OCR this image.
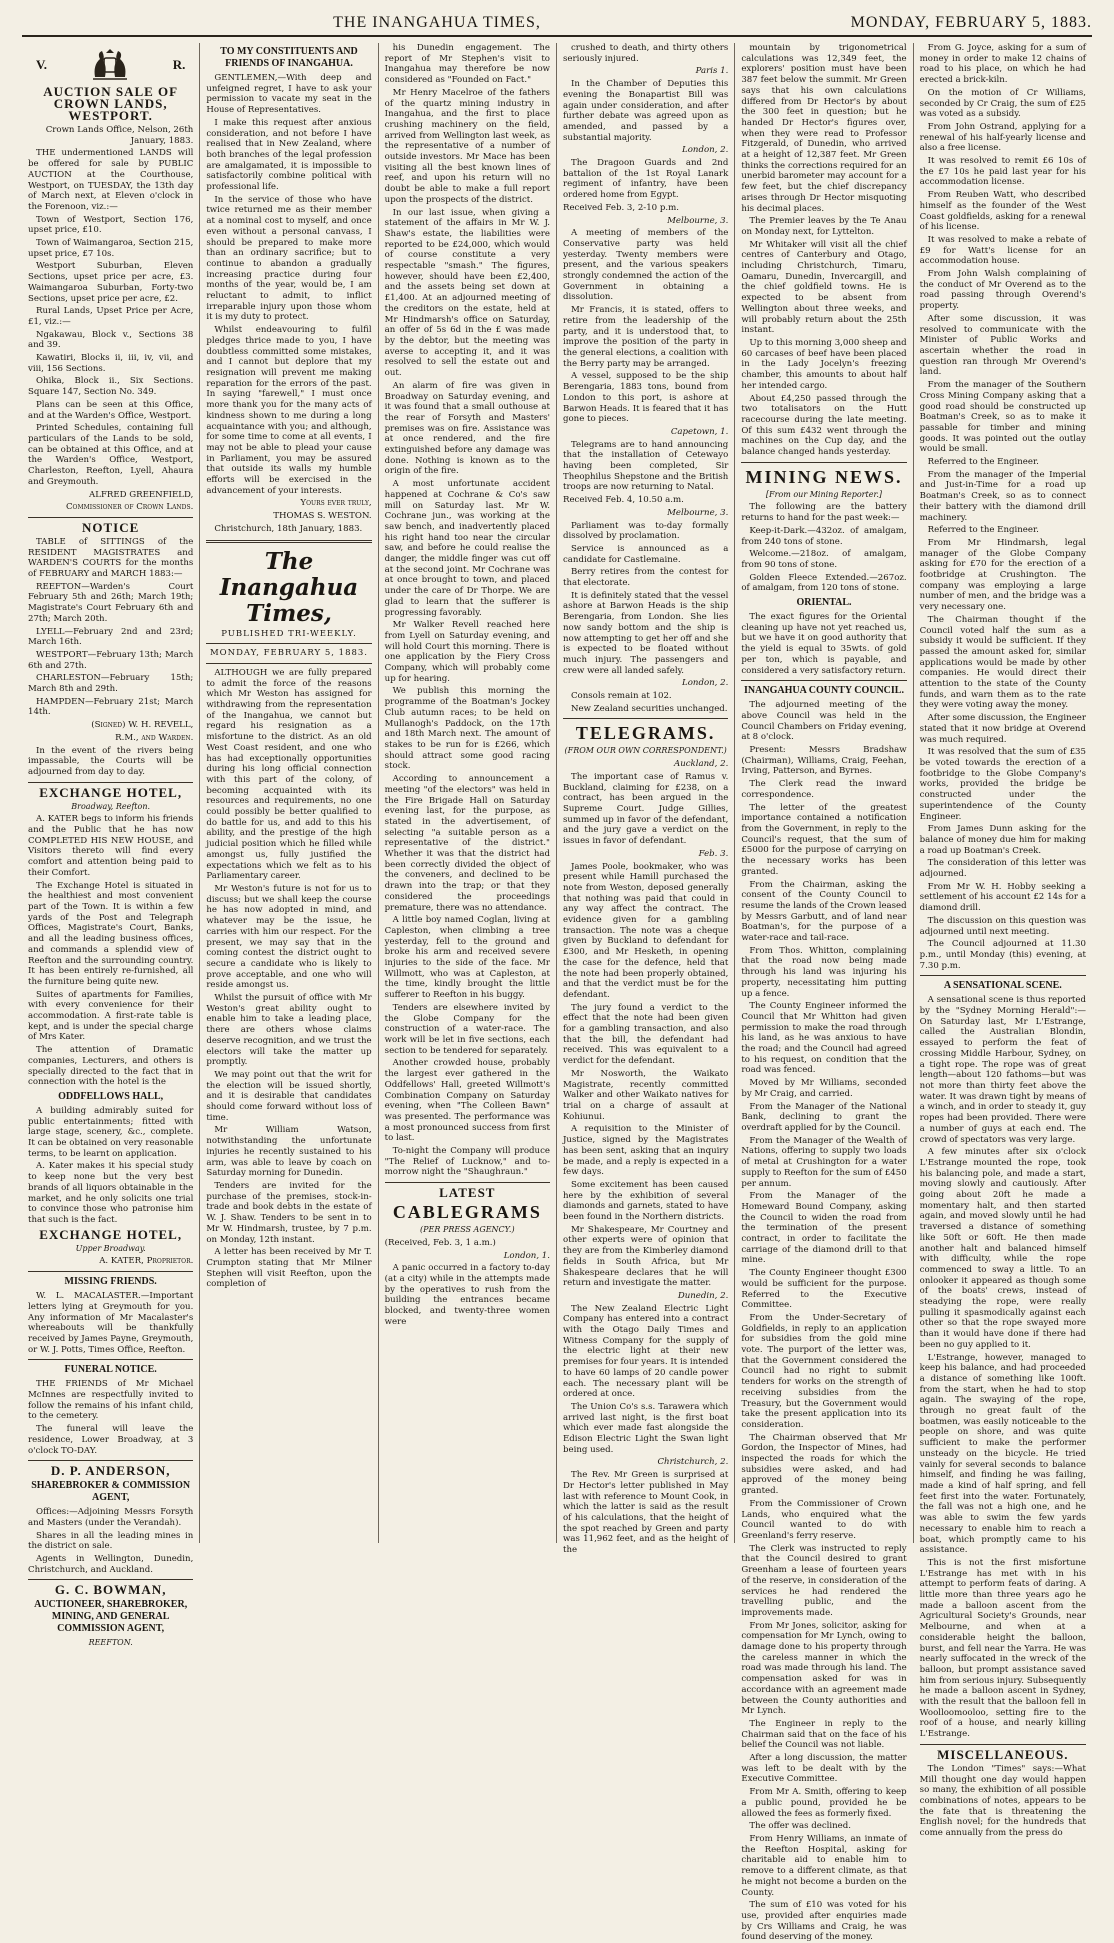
THE INANGAHUA TIMES,	MONDAY, FEBRUARY 5, 1883.
V.	R.
AUCTION SALE OF CROWN LANDS, WESTPORT.

Crown Lands Office, Nelson, 26th January, 1883.

THE undermentioned LANDS will be offered for sale by PUBLIC AUCTION at the Courthouse, Westport, on TUESDAY, the 13th day of March next, at Eleven o'clock in the Forenoon, viz.:—

Town of Westport, Section 176, upset price, £10.

Town of Waimangaroa, Section 215, upset price, £7 10s.

Westport Suburban, Eleven Sections, upset price per acre, £3. Waimangaroa Suburban, Forty-two Sections, upset price per acre, £2.

Rural Lands, Upset Price per Acre, £1, viz.:—

Ngakawau, Block v., Sections 38 and 39.

Kawatiri, Blocks ii, iii, iv, vii, and viii, 156 Sections.

Ohika, Block ii., Six Sections. Square 147, Section No. 349.

Plans can be seen at this Office, and at the Warden's Office, Westport.

Printed Schedules, containing full particulars of the Lands to be sold, can be obtained at this Office, and at the Warden's Office, Westport, Charleston, Reefton, Lyell, Ahaura and Greymouth.

ALFRED GREENFIELD,

Commissioner of Crown Lands.

NOTICE

TABLE of SITTINGS of the RESIDENT MAGISTRATES and WARDEN'S COURTS for the months of FEBRUARY and MARCH 1883:—

REEFTON—Warden's Court February 5th and 26th; March 19th; Magistrate's Court February 6th and 27th; March 20th.

LYELL—February 2nd and 23rd; March 16th.

WESTPORT—February 13th; March 6th and 27th.

CHARLESTON—February 15th; March 8th and 29th.

HAMPDEN—February 21st; March 14th.

(Signed) W. H. REVELL,

R.M., and Warden.

In the event of the rivers being impassable, the Courts will be adjourned from day to day.

EXCHANGE HOTEL,
Broadway, Reefton.

A. KATER begs to inform his friends and the Public that he has now COMPLETED HIS NEW HOUSE, and Visitors thereto will find every comfort and attention being paid to their Comfort.

The Exchange Hotel is situated in the healthiest and most convenient part of the Town. It is within a few yards of the Post and Telegraph Offices, Magistrate's Court, Banks, and all the leading business offices, and commands a splendid view of Reefton and the surrounding country. It has been entirely re-furnished, all the furniture being quite new.

Suites of apartments for Families, with every convenience for their accommodation. A first-rate table is kept, and is under the special charge of Mrs Kater.

The attention of Dramatic companies, Lecturers, and others is specially directed to the fact that in connection with the hotel is the

ODDFELLOWS HALL,

A building admirably suited for public entertainments; fitted with large stage, scenery, &c., complete. It can be obtained on very reasonable terms, to be learnt on application.

A. Kater makes it his special study to keep none but the very best brands of all liquors obtainable in the market, and he only solicits one trial to convince those who patronise him that such is the fact.

EXCHANGE HOTEL,
Upper Broadway.

A. KATER, Proprietor.

MISSING FRIENDS.

W. L. MACALASTER.—Important letters lying at Greymouth for you. Any information of Mr Macalaster's whereabouts will be thankfully received by James Payne, Greymouth, or W. J. Potts, Times Office, Reefton.

FUNERAL NOTICE.

THE FRIENDS of Mr Michael McInnes are respectfully invited to follow the remains of his infant child, to the cemetery.

The funeral will leave the residence, Lower Broadway, at 3 o'clock TO-DAY.

D. P. ANDERSON,
SHAREBROKER & COMMISSION AGENT,

Offices:—Adjoining Messrs Forsyth and Masters (under the Verandah).

Shares in all the leading mines in the district on sale.

Agents in Wellington, Dunedin, Christchurch, and Auckland.

G. C. BOWMAN,
AUCTIONEER, SHAREBROKER, MINING, AND GENERAL COMMISSION AGENT,
REEFTON.
TO MY CONSTITUENTS AND FRIENDS OF INANGAHUA.

GENTLEMEN,—With deep and unfeigned regret, I have to ask your permission to vacate my seat in the House of Representatives.

I make this request after anxious consideration, and not before I have realised that in New Zealand, where both branches of the legal profession are amalgamated, it is impossible to satisfactorily combine political with professional life.

In the service of those who have twice returned me as their member at a nominal cost to myself, and once even without a personal canvass, I should be prepared to make more than an ordinary sacrifice; but to continue to abandon a gradually increasing practice during four months of the year, would be, I am reluctant to admit, to inflict irreparable injury upon those whom it is my duty to protect.

Whilst endeavouring to fulfil pledges thrice made to you, I have doubtless committed some mistakes, and I cannot but deplore that my resignation will prevent me making reparation for the errors of the past. In saying "farewell," I must once more thank you for the many acts of kindness shown to me during a long acquaintance with you; and although, for some time to come at all events, I may not be able to plead your cause in Parliament, you may be assured that outside its walls my humble efforts will be exercised in the advancement of your interests.

Yours ever truly,

THOMAS S. WESTON.

Christchurch, 18th January, 1883.

The Inangahua Times,
PUBLISHED TRI-WEEKLY.
MONDAY, FEBRUARY 5, 1883.

ALTHOUGH we are fully prepared to admit the force of the reasons which Mr Weston has assigned for withdrawing from the representation of the Inangahua, we cannot but regard his resignation as a misfortune to the district. As an old West Coast resident, and one who has had exceptionally opportunities during his long official connection with this part of the colony, of becoming acquainted with its resources and requirements, no one could possibly be better qualified to do battle for us, and add to this his ability, and the prestige of the high judicial position which he filled while amongst us, fully justified the expectations which we felt as to his Parliamentary career.

Mr Weston's future is not for us to discuss; but we shall keep the course he has now adopted in mind, and whatever may be the issue, he carries with him our respect. For the present, we may say that in the coming contest the district ought to secure a candidate who is likely to prove acceptable, and one who will reside amongst us.

Whilst the pursuit of office with Mr Weston's great ability ought to enable him to take a leading place, there are others whose claims deserve recognition, and we trust the electors will take the matter up promptly.

We may point out that the writ for the election will be issued shortly, and it is desirable that candidates should come forward without loss of time.

Mr William Watson, notwithstanding the unfortunate injuries he recently sustained to his arm, was able to leave by coach on Saturday morning for Dunedin.

Tenders are invited for the purchase of the premises, stock-in-trade and book debts in the estate of W. J. Shaw. Tenders to be sent in to Mr W. Hindmarsh, trustee, by 7 p.m. on Monday, 12th instant.

A letter has been received by Mr T. Crumpton stating that Mr Milner Stephen will visit Reefton, upon the completion of

his Dunedin engagement. The report of Mr Stephen's visit to Inangahua may therefore be now considered as "Founded on Fact."

Mr Henry Macelroe of the fathers of the quartz mining industry in Inangahua, and the first to place crushing machinery on the field, arrived from Wellington last week, as the representative of a number of outside investors. Mr Mace has been visiting all the best known lines of reef, and upon his return will no doubt be able to make a full report upon the prospects of the district.

In our last issue, when giving a statement of the affairs in Mr W. J. Shaw's estate, the liabilities were reported to be £24,000, which would of course constitute a very respectable "smash." The figures, however, should have been £2,400, and the assets being set down at £1,400. At an adjourned meeting of the creditors on the estate, held at Mr Hindmarsh's office on Saturday, an offer of 5s 6d in the £ was made by the debtor, but the meeting was averse to accepting it, and it was resolved to sell the estate out and out.

An alarm of fire was given in Broadway on Saturday evening, and it was found that a small outhouse at the rear of Forsyth and Masters' premises was on fire. Assistance was at once rendered, and the fire extinguished before any damage was done. Nothing is known as to the origin of the fire.

A most unfortunate accident happened at Cochrane & Co's saw mill on Saturday last. Mr W. Cochrane jun., was working at the saw bench, and inadvertently placed his right hand too near the circular saw, and before he could realise the danger, the middle finger was cut off at the second joint. Mr Cochrane was at once brought to town, and placed under the care of Dr Thorpe. We are glad to learn that the sufferer is progressing favorably.

Mr Walker Revell reached here from Lyell on Saturday evening, and will hold Court this morning. There is one application by the Fiery Cross Company, which will probably come up for hearing.

We publish this morning the programme of the Boatman's Jockey Club autumn races; to be held on Mullanogh's Paddock, on the 17th and 18th March next. The amount of stakes to be run for is £266, which should attract some good racing stock.

According to announcement a meeting "of the electors" was held in the Fire Brigade Hall on Saturday evening last, for the purpose, as stated in the advertisement, of selecting "a suitable person as a representative of the district." Whether it was that the district had been correctly divided the object of the conveners, and declined to be drawn into the trap; or that they considered the proceedings premature, there was no attendance.

A little boy named Coglan, living at Capleston, when climbing a tree yesterday, fell to the ground and broke his arm and received severe injuries to the side of the face. Mr Willmott, who was at Capleston, at the time, kindly brought the little sufferer to Reefton in his buggy.

Tenders are elsewhere invited by the Globe Company for the construction of a water-race. The work will be let in five sections, each section to be tendered for separately.

Another crowded house, probably the largest ever gathered in the Oddfellows' Hall, greeted Willmott's Combination Company on Saturday evening, when "The Colleen Bawn" was presented. The performance was a most pronounced success from first to last.

To-night the Company will produce "The Relief of Lucknow," and to-morrow night the "Shaughraun."

LATEST
CABLEGRAMS
(PER PRESS AGENCY.)

(Received, Feb. 3, 1 a.m.)

London, 1.

A panic occurred in a factory to-day (at a city) while in the attempts made by the operatives to rush from the building the entrances became blocked, and twenty-three women were

crushed to death, and thirty others seriously injured.

Paris 1.

In the Chamber of Deputies this evening the Bonapartist Bill was again under consideration, and after further debate was agreed upon as amended, and passed by a substantial majority.

London, 2.

The Dragoon Guards and 2nd battalion of the 1st Royal Lanark regiment of infantry, have been ordered home from Egypt.

Received Feb. 3, 2-10 p.m.

Melbourne, 3.

A meeting of members of the Conservative party was held yesterday. Twenty members were present, and the various speakers strongly condemned the action of the Government in obtaining a dissolution.

Mr Francis, it is stated, offers to retire from the leadership of the party, and it is understood that, to improve the position of the party in the general elections, a coalition with the Berry party may be arranged.

A vessel, supposed to be the ship Berengaria, 1883 tons, bound from London to this port, is ashore at Barwon Heads. It is feared that it has gone to pieces.

Capetown, 1.

Telegrams are to hand announcing that the installation of Cetewayo having been completed, Sir Theophilus Shepstone and the British troops are now returning to Natal.

Received Feb. 4, 10.50 a.m.

Melbourne, 3.

Parliament was to-day formally dissolved by proclamation.

Service is announced as a candidate for Castlemaine.

Berry retires from the contest for that electorate.

It is definitely stated that the vessel ashore at Barwon Heads is the ship Berengaria, from London. She lies now sandy bottom and the ship is now attempting to get her off and she is expected to be floated without much injury. The passengers and crew were all landed safely.

London, 2.

Consols remain at 102.

New Zealand securities unchanged.

TELEGRAMS.
(FROM OUR OWN CORRESPONDENT.)

Auckland, 2.

The important case of Ramus v. Buckland, claiming for £238, on a contract, has been argued in the Supreme Court. Judge Gillies, summed up in favor of the defendant, and the jury gave a verdict on the issues in favor of defendant.

Feb. 3.

James Poole, bookmaker, who was present while Hamill purchased the note from Weston, deposed generally that nothing was paid that could in any way affect the contract. The evidence given for a gambling transaction. The note was a cheque given by Buckland to defendant for £300, and Mr Hesketh, in opening the case for the defence, held that the note had been properly obtained, and that the verdict must be for the defendant.

The jury found a verdict to the effect that the note had been given for a gambling transaction, and also that the bill, the defendant had received. This was equivalent to a verdict for the defendant.

Mr Nosworth, the Waikato Magistrate, recently committed Walker and other Waikato natives for trial on a charge of assault at Kohiunui.

A requisition to the Minister of Justice, signed by the Magistrates has been sent, asking that an inquiry be made, and a reply is expected in a few days.

Some excitement has been caused here by the exhibition of several diamonds and garnets, stated to have been found in the Northern districts.

Mr Shakespeare, Mr Courtney and other experts were of opinion that they are from the Kimberley diamond fields in South Africa, but Mr Shakespeare declares that he will return and investigate the matter.

Dunedin, 2.

The New Zealand Electric Light Company has entered into a contract with the Otago Daily Times and Witness Company for the supply of the electric light at their new premises for four years. It is intended to have 60 lamps of 20 candle power each. The necessary plant will be ordered at once.

The Union Co's s.s. Tarawera which arrived last night, is the first boat which ever made fast alongside the Edison Electric Light the Swan light being used.

Christchurch, 2.

The Rev. Mr Green is surprised at Dr Hector's letter published in May last with reference to Mount Cook, in which the latter is said as the result of his calculations, that the height of the spot reached by Green and party was 11,962 feet, and as the height of the

mountain by trigonometrical calculations was 12,349 feet, the explorers' position must have been 387 feet below the summit. Mr Green says that his own calculations differed from Dr Hector's by about the 300 feet in question; but he handed Dr Hector's figures over, when they were read to Professor Fitzgerald, of Dunedin, who arrived at a height of 12,387 feet. Mr Green thinks the corrections required for an unerbid barometer may account for a few feet, but the chief discrepancy arises through Dr Hector misquoting his decimal places.

The Premier leaves by the Te Anau on Monday next, for Lyttelton.

Mr Whitaker will visit all the chief centres of Canterbury and Otago, including Christchurch, Timaru, Oamaru, Dunedin, Invercargill, and the chief goldfield towns. He is expected to be absent from Wellington about three weeks, and will probably return about the 25th instant.

Up to this morning 3,000 sheep and 60 carcases of beef have been placed in the Lady Jocelyn's freezing chamber, this amounts to about half her intended cargo.

About £4,250 passed through the two totalisators on the Hutt racecourse during the late meeting. Of this sum £432 went through the machines on the Cup day, and the balance changed hands yesterday.

MINING NEWS.
[From our Mining Reporter.]

The following are the battery returns to hand for the past week:—

Keep-it-Dark.—432oz. of amalgam, from 240 tons of stone.

Welcome.—218oz. of amalgam, from 90 tons of stone.

Golden Fleece Extended.—267oz. of amalgam, from 120 tons of stone.

ORIENTAL.

The exact figures for the Oriental cleaning up have not yet reached us, but we have it on good authority that the yield is equal to 35wts. of gold per ton, which is payable, and considered a very satisfactory return.

INANGAHUA COUNTY COUNCIL.

The adjourned meeting of the above Council was held in the Council Chambers on Friday evening, at 8 o'clock.

Present: Messrs Bradshaw (Chairman), Williams, Craig, Feehan, Irving, Patterson, and Byrnes.

The Clerk read the inward correspondence.

The letter of the greatest importance contained a notification from the Government, in reply to the Council's request, that the sum of £5000 for the purpose of carrying on the necessary works has been granted.

From the Chairman, asking the consent of the County Council to resume the lands of the Crown leased by Messrs Garbutt, and of land near Boatman's, for the purpose of a water-race and tail-race.

From Thos. Whitton, complaining that the road now being made through his land was injuring his property, necessitating him putting up a fence.

The County Engineer informed the Council that Mr Whitton had given permission to make the road through his land, as he was anxious to have the road; and the Council had agreed to his request, on condition that the road was fenced.

Moved by Mr Williams, seconded by Mr Craig, and carried.

From the Manager of the National Bank, declining to grant the overdraft applied for by the Council.

From the Manager of the Wealth of Nations, offering to supply two loads of metal at Crushington for a water supply to Reefton for the sum of £450 per annum.

From the Manager of the Homeward Bound Company, asking the Council to widen the road from the termination of the present contract, in order to facilitate the carriage of the diamond drill to that mine.

The County Engineer thought £300 would be sufficient for the purpose. Referred to the Executive Committee.

From the Under-Secretary of Goldfields, in reply to an application for subsidies from the gold mine vote. The purport of the letter was, that the Government considered the Council had no right to submit tenders for works on the strength of receiving subsidies from the Treasury, but the Government would take the present application into its consideration.

The Chairman observed that Mr Gordon, the Inspector of Mines, had inspected the roads for which the subsidies were asked, and had approved of the money being granted.

From the Commissioner of Crown Lands, who enquired what the Council wanted to do with Greenland's ferry reserve.

The Clerk was instructed to reply that the Council desired to grant Greenham a lease of fourteen years of the reserve, in consideration of the services he had rendered the travelling public, and the improvements made.

From Mr Jones, solicitor, asking for compensation for Mr Lynch, owing to damage done to his property through the careless manner in which the road was made through his land. The compensation asked for was in accordance with an agreement made between the County authorities and Mr Lynch.

The Engineer in reply to the Chairman said that on the face of his belief the Council was not liable.

After a long discussion, the matter was left to be dealt with by the Executive Committee.

From Mr A. Smith, offering to keep a public pound, provided he be allowed the fees as formerly fixed.

The offer was declined.

From Henry Williams, an inmate of the Reefton Hospital, asking for charitable aid to enable him to remove to a different climate, as that he might not become a burden on the County.

The sum of £10 was voted for his use, provided after enquiries made by Crs Williams and Craig, he was found deserving of the money.

From G. Joyce, asking for a sum of money in order to make 12 chains of road to his place, on which he had erected a brick-kiln.

On the motion of Cr Williams, seconded by Cr Craig, the sum of £25 was voted as a subsidy.

From John Ostrand, applying for a renewal of his half-yearly license and also a free license.

It was resolved to remit £6 10s of the £7 10s he paid last year for his accommodation license.

From Reuben Watt, who described himself as the founder of the West Coast goldfields, asking for a renewal of his license.

It was resolved to make a rebate of £9 for Watt's license for an accommodation house.

From John Walsh complaining of the conduct of Mr Overend as to the road passing through Overend's property.

After some discussion, it was resolved to communicate with the Minister of Public Works and ascertain whether the road in question ran through Mr Overend's land.

From the manager of the Southern Cross Mining Company asking that a good road should be constructed up Boatman's Creek, so as to make it passable for timber and mining goods. It was pointed out the outlay would be small.

Referred to the Engineer.

From the manager of the Imperial and Just-in-Time for a road up Boatman's Creek, so as to connect their battery with the diamond drill machinery.

Referred to the Engineer.

From Mr Hindmarsh, legal manager of the Globe Company asking for £70 for the erection of a footbridge at Crushington. The company was employing a large number of men, and the bridge was a very necessary one.

The Chairman thought if the Council voted half the sum as a subsidy it would be sufficient. If they passed the amount asked for, similar applications would be made by other companies. He would direct their attention to the state of the County funds, and warn them as to the rate they were voting away the money.

After some discussion, the Engineer stated that it now bridge at Overend was much required.

It was resolved that the sum of £35 be voted towards the erection of a footbridge to the Globe Company's works, provided the bridge be constructed under the superintendence of the County Engineer.

From James Dunn asking for the balance of money due him for making a road up Boatman's Creek.

The consideration of this letter was adjourned.

From Mr W. H. Hobby seeking a settlement of his account £2 14s for a diamond drill.

The discussion on this question was adjourned until next meeting.

The Council adjourned at 11.30 p.m., until Monday (this) evening, at 7.30 p.m.

A SENSATIONAL SCENE.

A sensational scene is thus reported by the "Sydney Morning Herald":—On Saturday last, Mr L'Estrange, called the Australian Blondin, essayed to perform the feat of crossing Middle Harbour, Sydney, on a tight rope. The rope was of great length—about 120 fathoms—but was not more than thirty feet above the water. It was drawn tight by means of a winch, and in order to steady it, guy ropes had been provided. There were a number of guys at each end. The crowd of spectators was very large.

A few minutes after six o'clock L'Estrange mounted the rope, took his balancing pole, and made a start, moving slowly and cautiously. After going about 20ft he made a momentary halt, and then started again, and moved slowly until he had traversed a distance of something like 50ft or 60ft. He then made another halt and balanced himself with difficulty, while the rope commenced to sway a little. To an onlooker it appeared as though some of the boats' crews, instead of steadying the rope, were really pulling it spasmodically against each other so that the rope swayed more than it would have done if there had been no guy applied to it.

L'Estrange, however, managed to keep his balance, and had proceeded a distance of something like 100ft. from the start, when he had to stop again. The swaying of the rope, through no great fault of the boatmen, was easily noticeable to the people on shore, and was quite sufficient to make the performer unsteady on the bicycle. He tried vainly for several seconds to balance himself, and finding he was failing, made a kind of half spring, and fell feet first into the water. Fortunately, the fall was not a high one, and he was able to swim the few yards necessary to enable him to reach a boat, which promptly came to his assistance.

This is not the first misfortune L'Estrange has met with in his attempt to perform feats of daring. A little more than three years ago he made a balloon ascent from the Agricultural Society's Grounds, near Melbourne, and when at a considerable height the balloon, burst, and fell near the Yarra. He was nearly suffocated in the wreck of the balloon, but prompt assistance saved him from serious injury. Subsequently he made a balloon ascent in Sydney, with the result that the balloon fell in Woolloomooloo, setting fire to the roof of a house, and nearly killing L'Estrange.

MISCELLANEOUS.

The London "Times" says:—What Mill thought one day would happen so many, the exhibition of all possible combinations of notes, appears to be the fate that is threatening the English novel; for the hundreds that come annually from the press do
